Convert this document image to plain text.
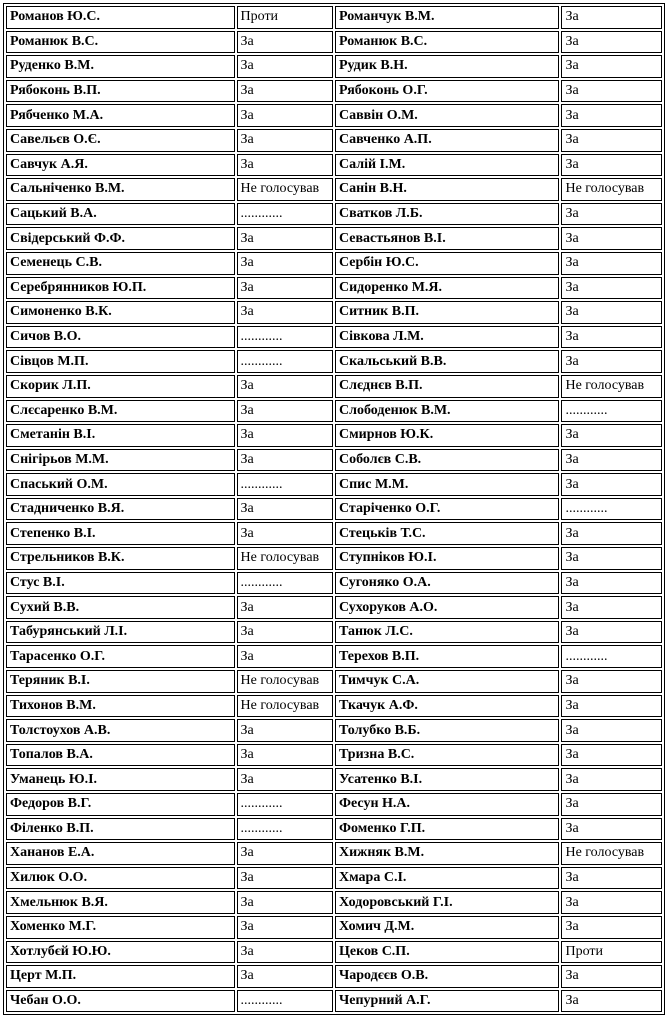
Романов Ю.С.	Проти	Романчук В.М.	За
Романюк В.С.	За	Романюк В.С.	За
Руденко В.М.	За	Рудик В.Н.	За
Рябоконь В.П.	За	Рябоконь О.Г.	За
Рябченко М.А.	За	Саввін О.М.	За
Савельєв О.Є.	За	Савченко А.П.	За
Савчук А.Я.	За	Салій І.М.	За
Сальніченко В.М.	Не голосував	Санін В.Н.	Не голосував
Сацький В.А.	............	Сватков Л.Б.	За
Свідерський Ф.Ф.	За	Севастьянов В.І.	За
Семенець С.В.	За	Сербін Ю.С.	За
Серебрянников Ю.П.	За	Сидоренко М.Я.	За
Симоненко В.К.	За	Ситник В.П.	За
Сичов В.О.	............	Сівкова Л.М.	За
Сівцов М.П.	............	Скальський В.В.	За
Скорик Л.П.	За	Слєднєв В.П.	Не голосував
Слєсаренко В.М.	За	Слободенюк В.М.	............
Сметанін В.І.	За	Смирнов Ю.К.	За
Снігірьов М.М.	За	Соболєв С.В.	За
Спаський О.М.	............	Спис М.М.	За
Стадниченко В.Я.	За	Старіченко О.Г.	............
Степенко В.І.	За	Стецьків Т.С.	За
Стрельников В.К.	Не голосував	Ступніков Ю.І.	За
Стус В.І.	............	Сугоняко О.А.	За
Сухий В.В.	За	Сухоруков А.О.	За
Табурянський Л.І.	За	Танюк Л.С.	За
Тарасенко О.Г.	За	Терехов В.П.	............
Теряник В.І.	Не голосував	Тимчук С.А.	За
Тихонов В.М.	Не голосував	Ткачук А.Ф.	За
Толстоухов А.В.	За	Толубко В.Б.	За
Топалов В.А.	За	Тризна В.С.	За
Уманець Ю.І.	За	Усатенко В.І.	За
Федоров В.Г.	............	Фесун Н.А.	За
Філенко В.П.	............	Фоменко Г.П.	За
Хананов Е.А.	За	Хижняк В.М.	Не голосував
Хилюк О.О.	За	Хмара С.І.	За
Хмельнюк В.Я.	За	Ходоровський Г.І.	За
Хоменко М.Г.	За	Хомич Д.М.	За
Хотлубєй Ю.Ю.	За	Цеков С.П.	Проти
Церт М.П.	За	Чародєєв О.В.	За
Чебан О.О.	............	Чепурний А.Г.	За
